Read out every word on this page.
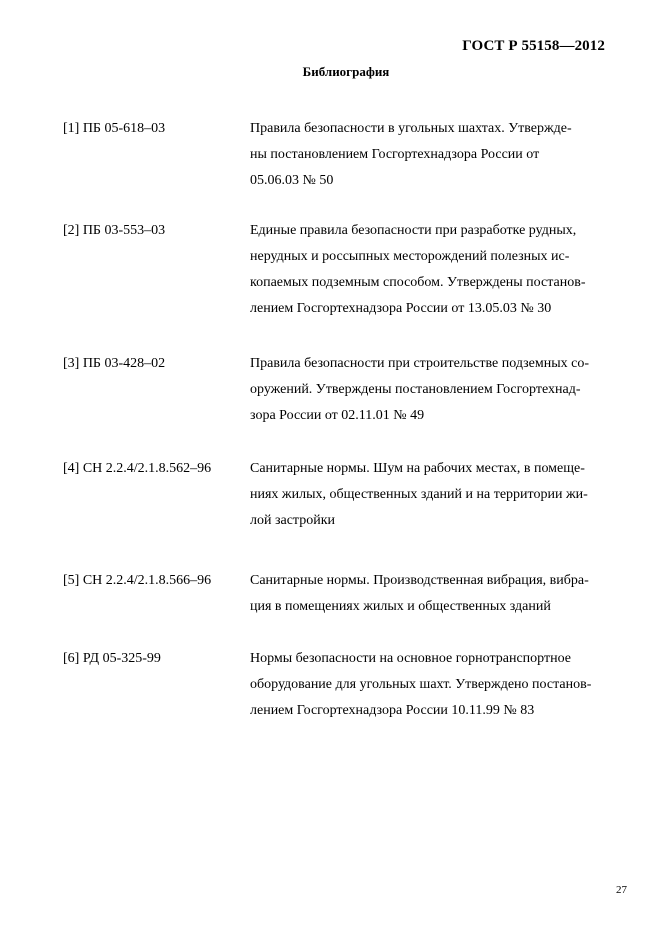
ГОСТ Р 55158—2012
Библиография
[1] ПБ 05-618–03	Правила безопасности в угольных шахтах. Утвержде-
ны постановлением Госгортехнадзора России от
05.06.03 № 50
[2] ПБ 03-553–03	Единые правила безопасности при разработке рудных,
нерудных и россыпных месторождений полезных ис-
копаемых подземным способом. Утверждены постанов-
лением Госгортехнадзора России от 13.05.03 № 30
[3] ПБ 03-428–02	Правила безопасности при строительстве подземных со-
оружений. Утверждены постановлением Госгортехнад-
зора России от 02.11.01 № 49
[4] СН 2.2.4/2.1.8.562–96	Санитарные нормы. Шум на рабочих местах, в помеще-
ниях жилых, общественных зданий и на территории жи-
лой застройки
[5] СН 2.2.4/2.1.8.566–96	Санитарные нормы. Производственная вибрация, вибра-
ция в помещениях жилых и общественных зданий
[6] РД 05-325-99	Нормы безопасности на основное горнотранспортное
оборудование для угольных шахт. Утверждено постанов-
лением Госгортехнадзора России 10.11.99 № 83
27
